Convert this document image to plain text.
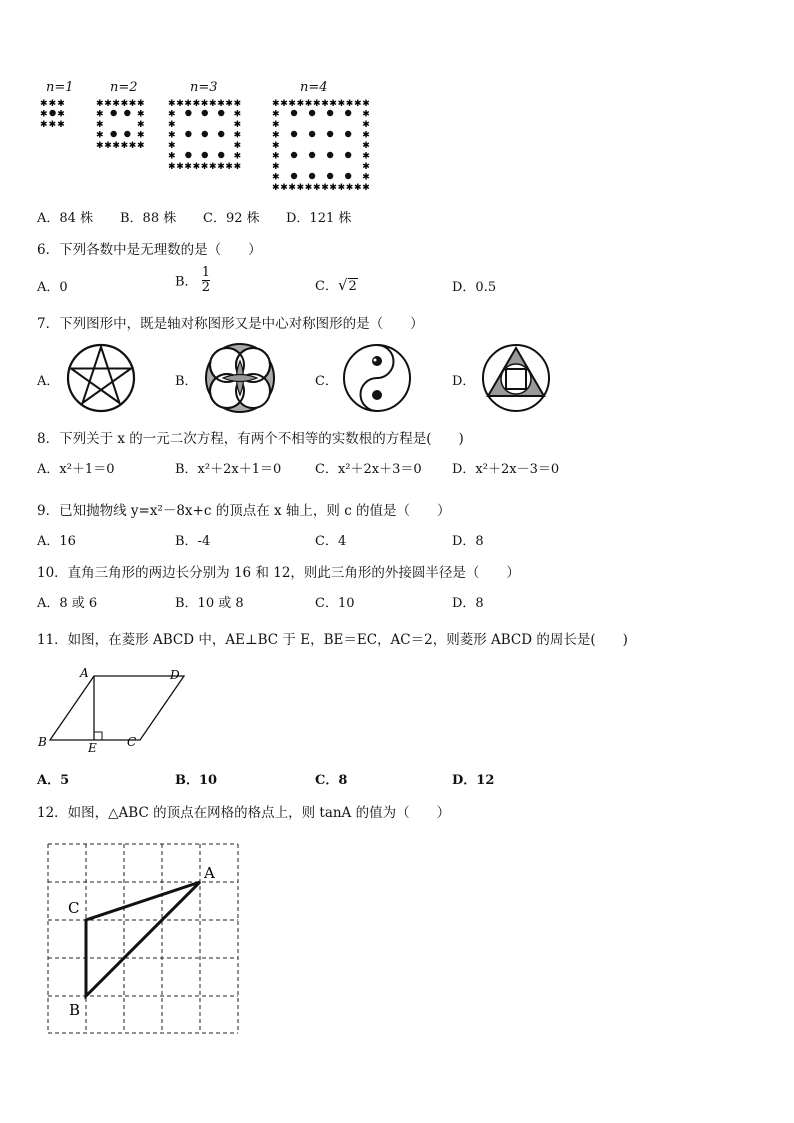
n=1	n=2	n=3	n=4
✱
✱
✱
✱
✱
✱
✱ ✱
✱
✱
✱
✱
✱
✱
✱
✱
✱
✱
✱
✱
✱	✱
✱	✱
✱	✱
✱
✱
✱
✱
✱
✱
✱
✱
✱
✱
✱
✱
✱
✱
✱
✱
✱
✱
✱	✱
✱	✱
✱	✱
✱	✱
✱	✱
✱
✱
✱
✱
✱
✱
✱
✱
✱
✱
✱
✱
✱
✱
✱
✱
✱
✱
✱
✱
✱
✱
✱
✱
✱	✱
✱	✱
✱	✱
✱	✱
✱	✱
✱	✱
✱	✱
A．84 株 B．88 株 C．92 株 D．121 株
6．下列各数中是无理数的是（　　）
A．0	B． $\frac{1}{2}$	C．√2	D．0.5
7．下列图形中，既是轴对称图形又是中心对称图形的是（　　）
A．	B．	C．	D．
8．下列关于 x 的一元二次方程，有两个不相等的实数根的方程是(　　)
A．x²＋1＝0	B．x²＋2x＋1＝0	C．x²＋2x＋3＝0 D．x²＋2x－3＝0
9．已知抛物线 y=x²－8x+c 的顶点在 x 轴上，则 c 的值是（　　）
A．16	B．-4	C．4	D．8
10．直角三角形的两边长分别为 16 和 12，则此三角形的外接圆半径是（　　）
A．8 或 6	B．10 或 8	C．10	D．8
11．如图，在菱形 ABCD 中，AE⊥BC 于 E，BE＝EC，AC＝2，则菱形 ABCD 的周长是(　　)
A	D
B	E	C
A．5	B．10	C．8	D．12
12．如图，△ABC 的顶点在网格的格点上，则 tanA 的值为（　　）
A
C
B
